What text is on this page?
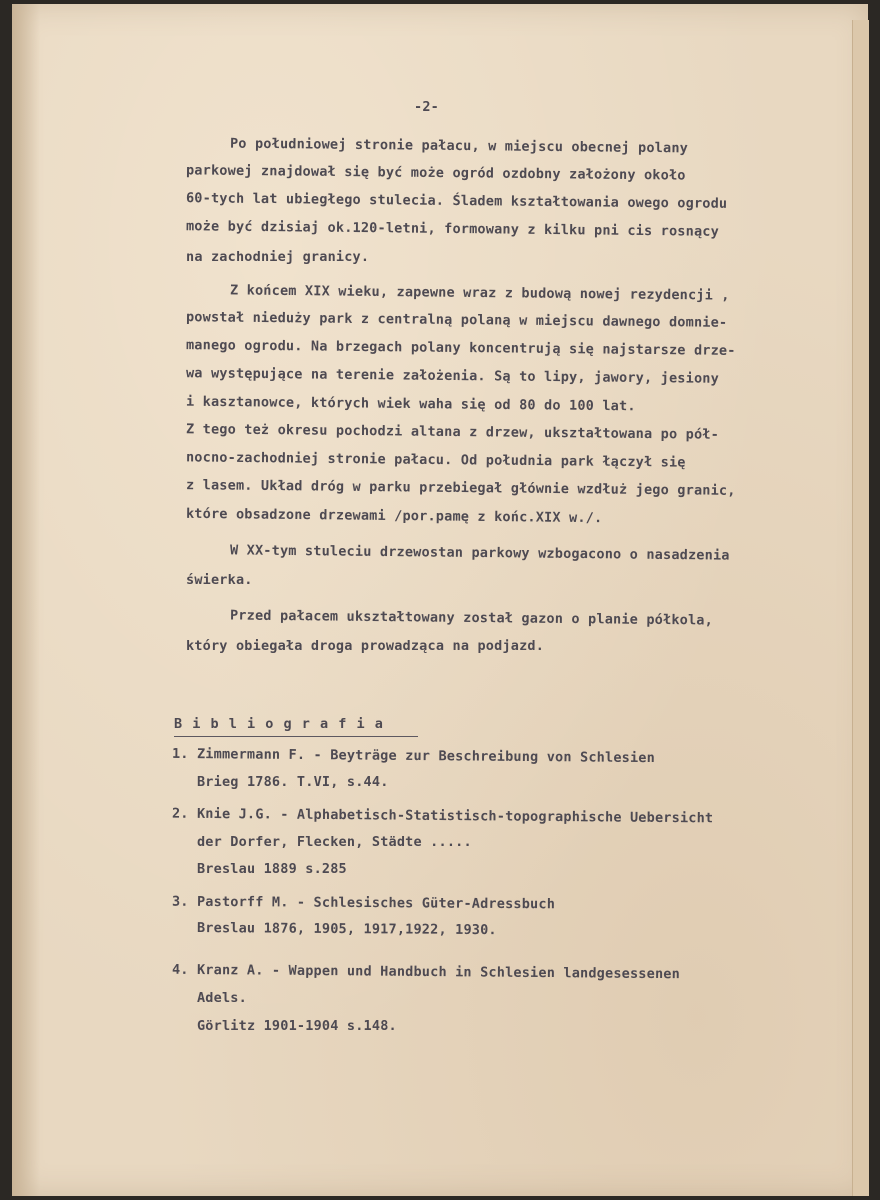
-2-
Po południowej stronie pałacu, w miejscu obecnej polany
parkowej znajdował się być może ogród ozdobny założony około
60-tych lat ubiegłego stulecia. Śladem kształtowania owego ogrodu
może być dzisiaj ok.120-letni, formowany z kilku pni cis rosnący
na zachodniej granicy.
Z końcem XIX wieku, zapewne wraz z budową nowej rezydencji ,
powstał nieduży park z centralną polaną w miejscu dawnego domnie-
manego ogrodu. Na brzegach polany koncentrują się najstarsze drze-
wa występujące na terenie założenia. Są to lipy, jawory, jesiony
i kasztanowce, których wiek waha się od 80 do 100 lat.
Z tego też okresu pochodzi altana z drzew, ukształtowana po pół-
nocno-zachodniej stronie pałacu. Od południa park łączył się
z lasem. Układ dróg w parku przebiegał głównie wzdłuż jego granic,
które obsadzone drzewami /por.pamę z końc.XIX w./.
W XX-tym stuleciu drzewostan parkowy wzbogacono o nasadzenia
świerka.
Przed pałacem ukształtowany został gazon o planie półkola,
który obiegała droga prowadząca na podjazd.
B i b l i o g r a f i a
1. Zimmermann F. - Beyträge zur Beschreibung von Schlesien
Brieg 1786. T.VI, s.44.
2. Knie J.G. - Alphabetisch-Statistisch-topographische Uebersicht
der Dorfer, Flecken, Städte .....
Breslau 1889 s.285
3. Pastorff M. - Schlesisches Güter-Adressbuch
Breslau 1876, 1905, 1917,1922, 1930.
4. Kranz A. - Wappen und Handbuch in Schlesien landgesessenen
Adels.
Görlitz 1901-1904 s.148.
